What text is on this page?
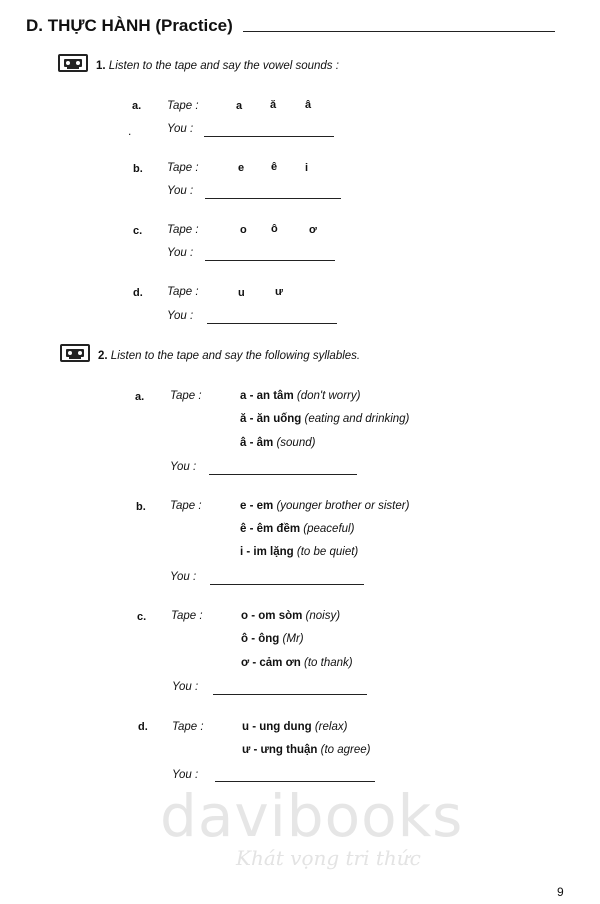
D. THỰC HÀNH (Practice)
1. Listen to the tape and say the vowel sounds :
a. Tape :	a	ă	â
.	You :
b. Tape :	e ê	i
You :
c. Tape :	o ô	ơ
You :
d. Tape :	u	ư
You :
2. Listen to the tape and say the following syllables.
a. Tape :	a - an tâm (don't worry)
ă - ăn uống (eating and drinking)
â - âm (sound)
You :
b. Tape :	e - em (younger brother or sister)
ê - êm đềm (peaceful)
i - im lặng (to be quiet)
You :
c. Tape :	o - om sòm (noisy)
ô - ông (Mr)
ơ - cảm ơn (to thank)
You :
d. Tape :	u - ung dung (relax)
ư - ưng thuận (to agree)
You :
davibooks
Khát vọng tri thức
9
